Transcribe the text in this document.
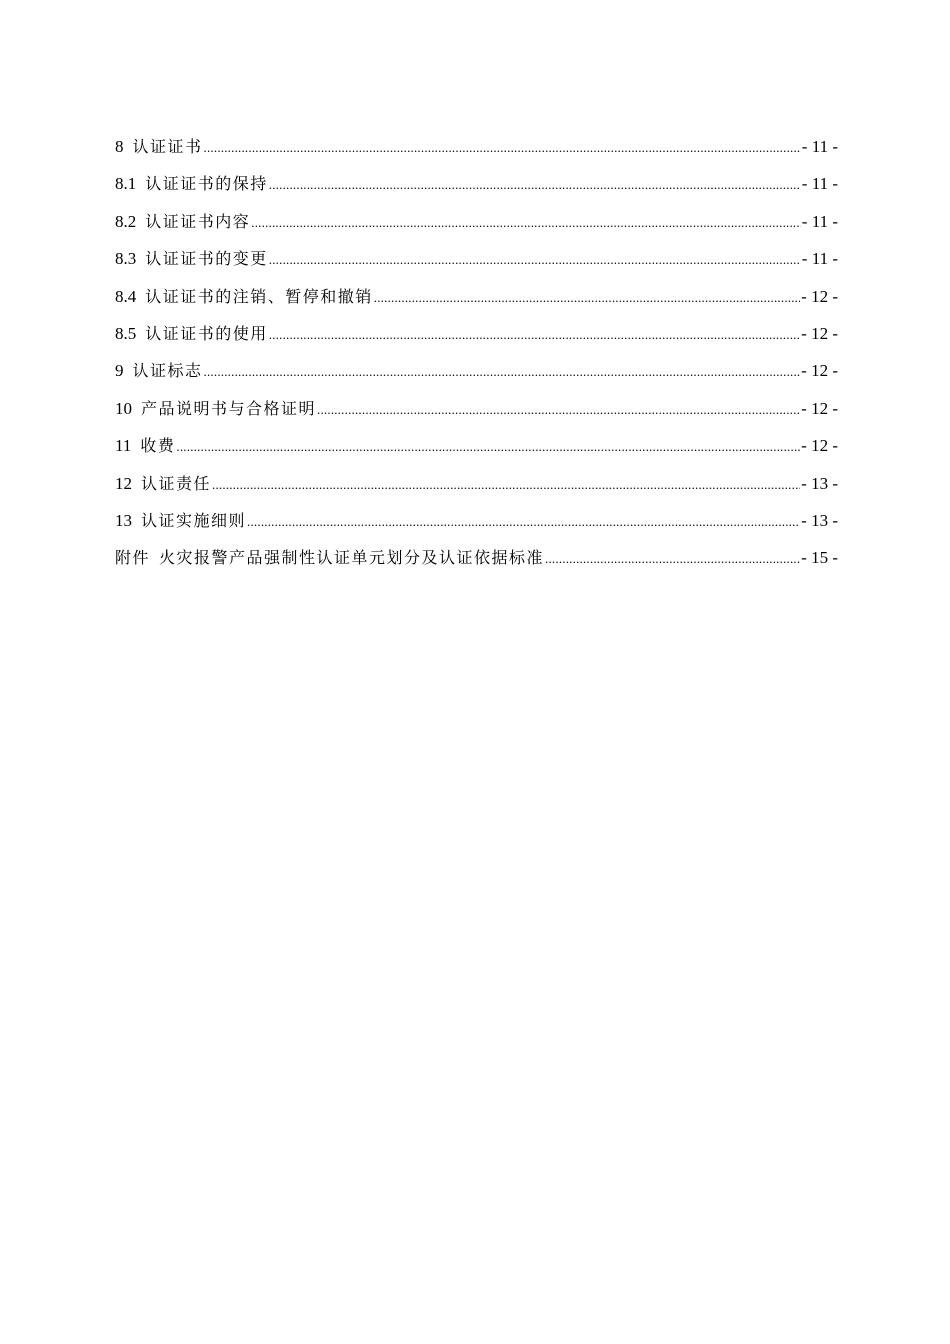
8 认证证书 .....	- 11 -
8.1 认证证书的保持 .....	- 11 -
8.2 认证证书内容 .....	- 11 -
8.3 认证证书的变更 .....	- 11 -
8.4 认证证书的注销、暂停和撤销 .....	- 12 -
8.5 认证证书的使用 .....	- 12 -
9 认证标志 .....	- 12 -
10 产品说明书与合格证明 .....	- 12 -
11 收费 .....	- 12 -
12 认证责任 .....	- 13 -
13 认证实施细则 .....	- 13 -
附件 火灾报警产品强制性认证单元划分及认证依据标准 .....	- 15 -
